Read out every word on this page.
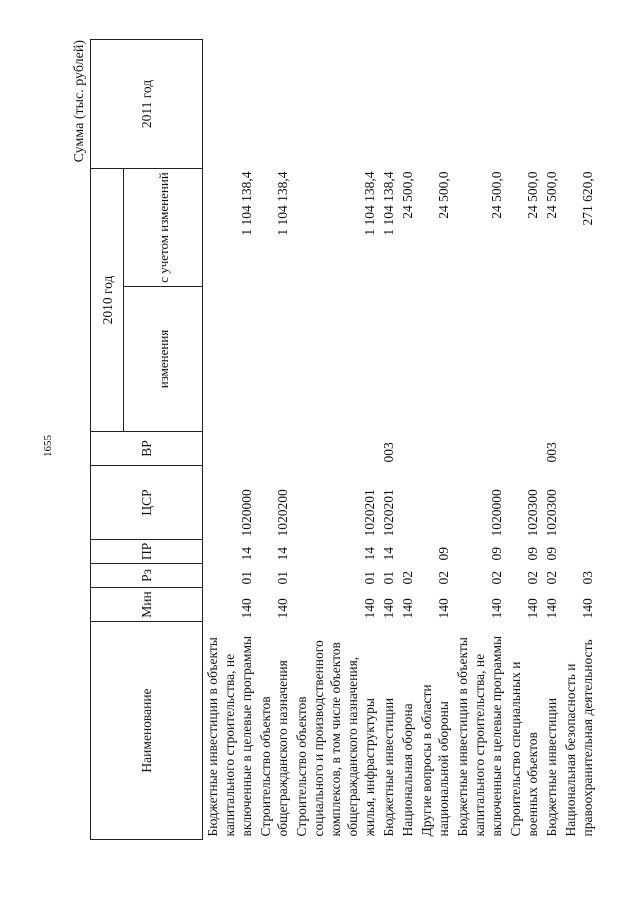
1655
Сумма (тыс. рублей)
Наименование	Мин	Рз	ПР	ЦСР	ВР	2010 год		2011 год
						изменения	с учетом изменений	
Бюджетные инвестиции в объекты капитального строительства, не включенные в целевые программы	140	01	14	1020000			1 104 138,4	
Строительство объектов общегражданского назначения	140	01	14	1020200			1 104 138,4	
Строительство объектов социального и производственного комплексов, в том числе объектов общегражданского назначения, жилья, инфраструктуры	140	01	14	1020201			1 104 138,4	
Бюджетные инвестиции	140	01	14	1020201	003		1 104 138,4	
Национальная оборона	140	02					24 500,0	
Другие вопросы в области национальной обороны	140	02	09				24 500,0	
Бюджетные инвестиции в объекты капитального строительства, не включенные в целевые программы	140	02	09	1020000			24 500,0	
Строительство специальных и военных объектов	140	02	09	1020300			24 500,0	
Бюджетные инвестиции	140	02	09	1020300	003		24 500,0	
Национальная безопасность и правоохранительная деятельность	140	03					271 620,0	
